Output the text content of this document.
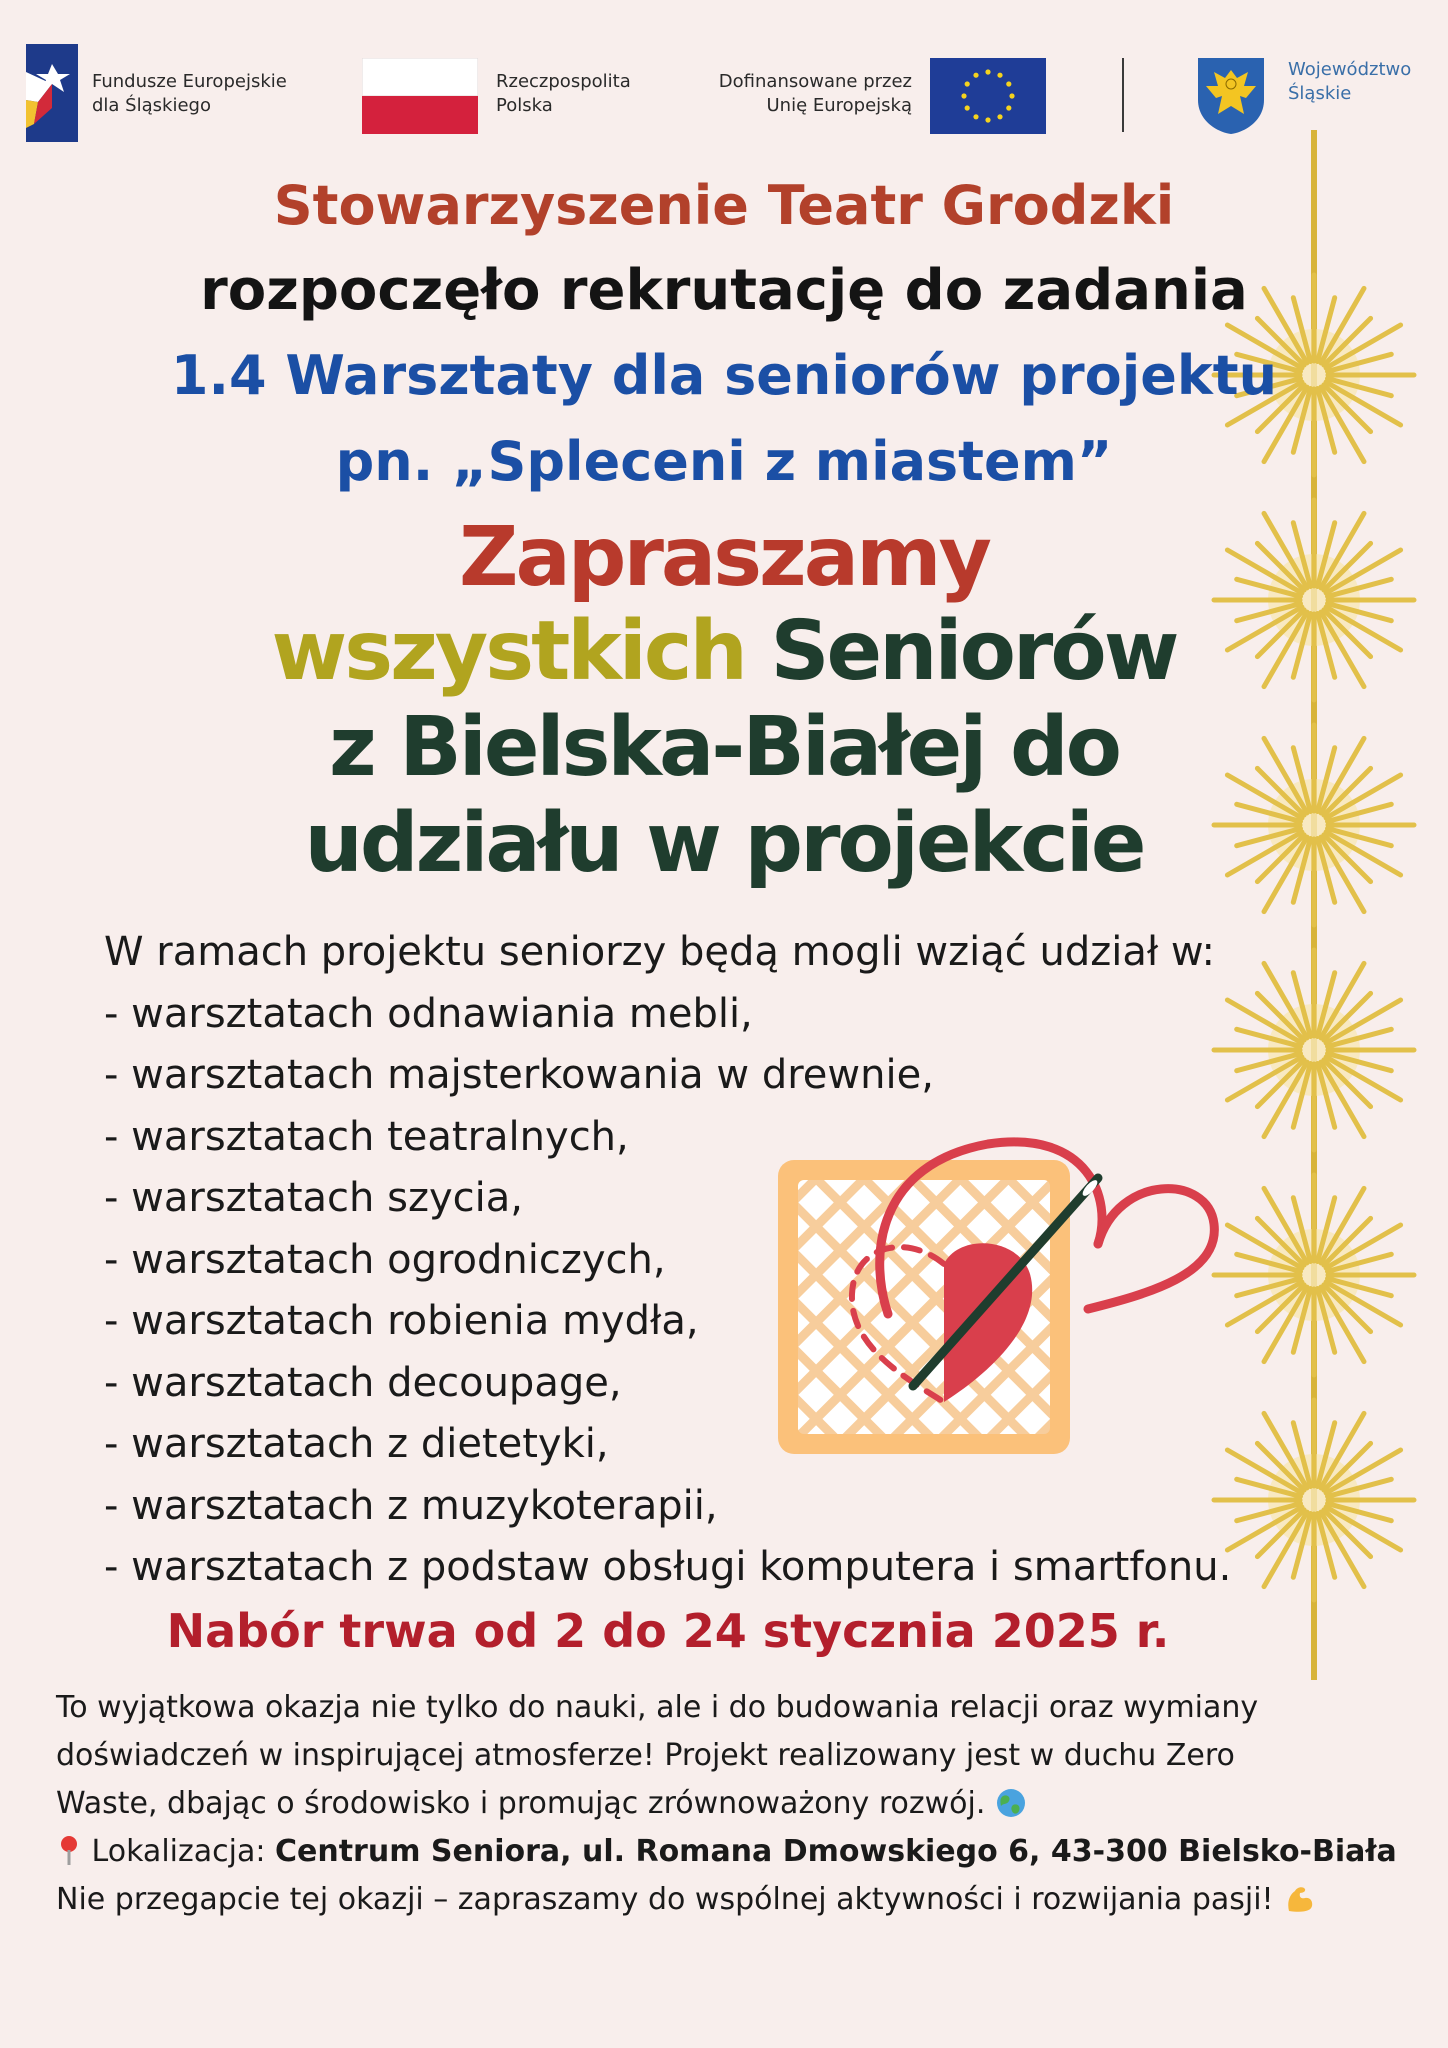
Fundusze Europejskie
dla Śląskiego
Rzeczpospolita
Polska
Dofinansowane przez
Unię Europejską
Województwo
Śląskie
Stowarzyszenie Teatr Grodzki
rozpoczęło rekrutację do zadania
1.4 Warsztaty dla seniorów projektu
pn. „Spleceni z miastem”
Zapraszamy
wszystkich Seniorów
z Bielska-Białej do
udziału w projekcie
W ramach projektu seniorzy będą mogli wziąć udział w:
- warsztatach odnawiania mebli,
- warsztatach majsterkowania w drewnie,
- warsztatach teatralnych,
- warsztatach szycia,
- warsztatach ogrodniczych,
- warsztatach robienia mydła,
- warsztatach decoupage,
- warsztatach z dietetyki,
- warsztatach z muzykoterapii,
- warsztatach z podstaw obsługi komputera i smartfonu.
Nabór trwa od 2 do 24 stycznia 2025 r.
To wyjątkowa okazja nie tylko do nauki, ale i do budowania relacji oraz wymiany
doświadczeń w inspirującej atmosferze! Projekt realizowany jest w duchu Zero
Waste, dbając o środowisko i promując zrównoważony rozwój.
Lokalizacja: Centrum Seniora, ul. Romana Dmowskiego 6, 43-300 Bielsko-Biała
Nie przegapcie tej okazji – zapraszamy do wspólnej aktywności i rozwijania pasji!
